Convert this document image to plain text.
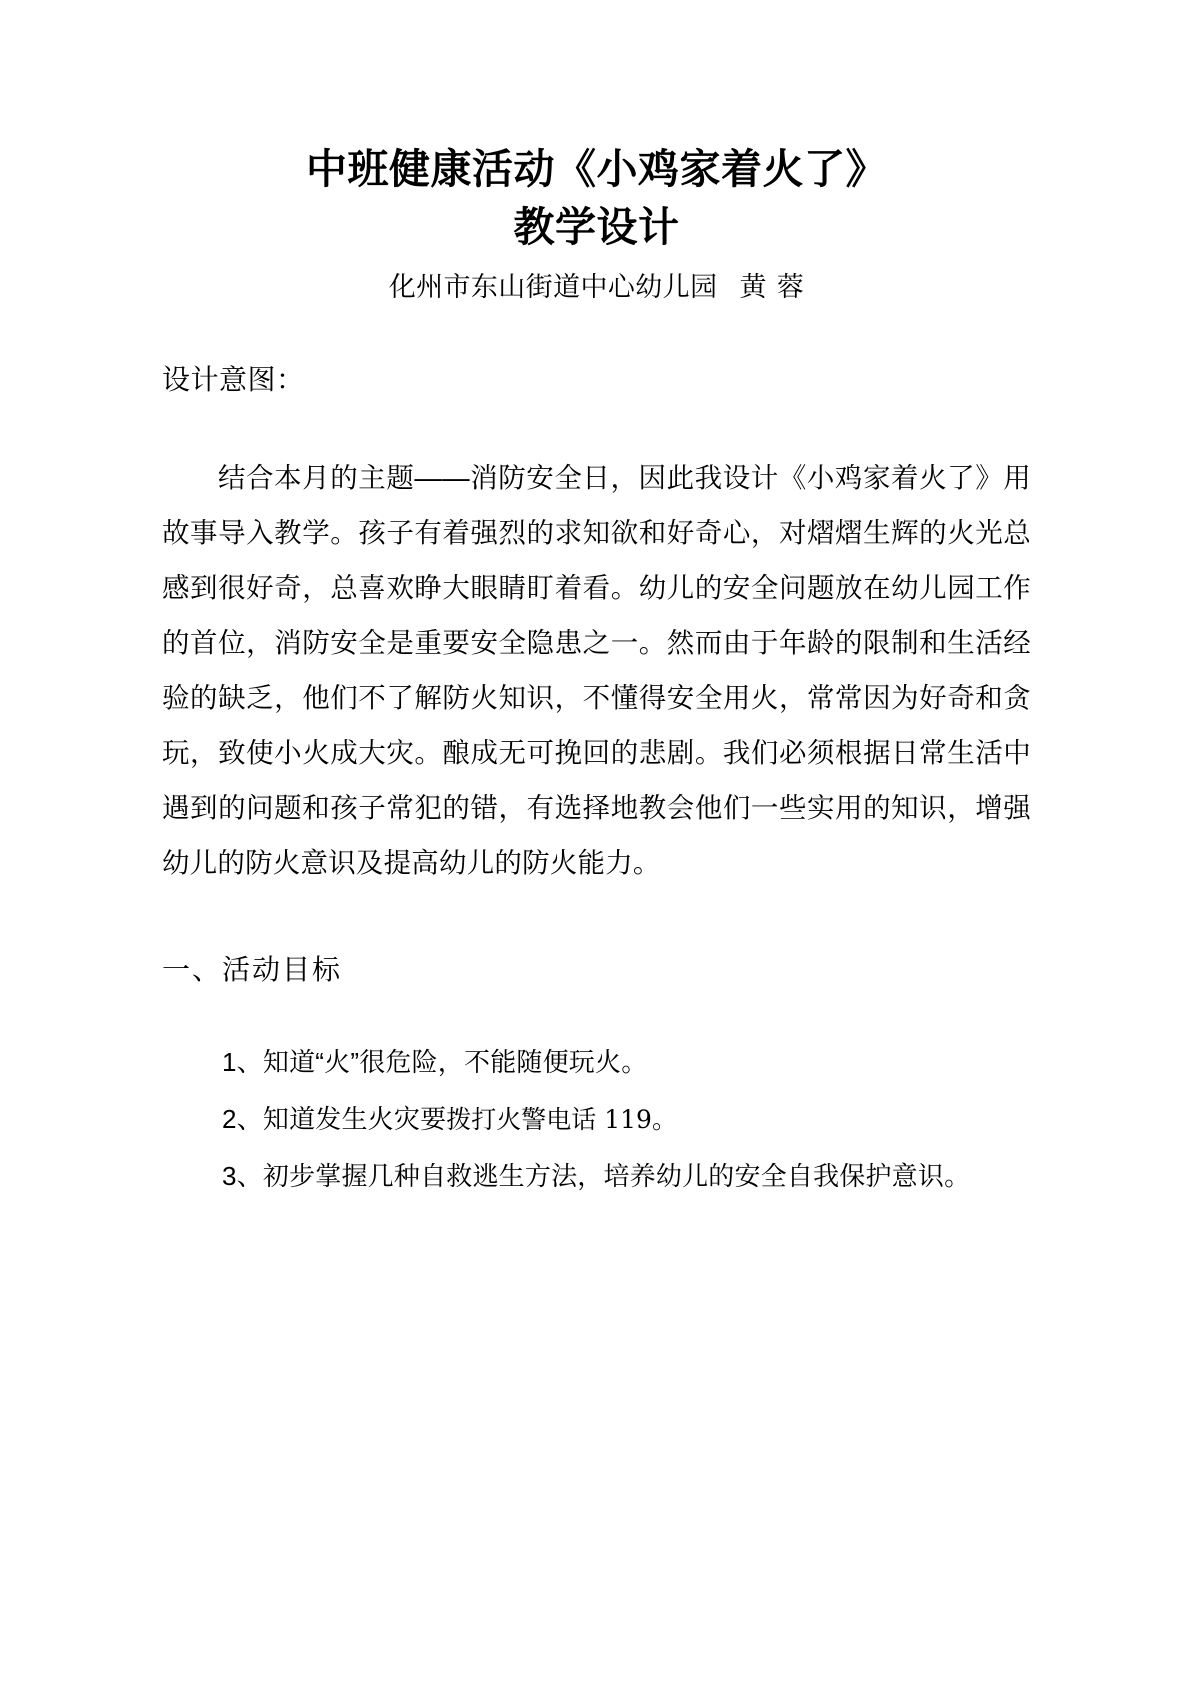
中班健康活动《小鸡家着火了》
教学设计

化州市东山街道中心幼儿园 黄 蓉

设计意图：

结合本月的主题——消防安全日，因此我设计《小鸡家着火了》用故事导入教学。孩子有着强烈的求知欲和好奇心，对熠熠生辉的火光总感到很好奇，总喜欢睁大眼睛盯着看。幼儿的安全问题放在幼儿园工作的首位，消防安全是重要安全隐患之一。然而由于年龄的限制和生活经验的缺乏，他们不了解防火知识，不懂得安全用火，常常因为好奇和贪玩，致使小火成大灾。酿成无可挽回的悲剧。我们必须根据日常生活中遇到的问题和孩子常犯的错，有选择地教会他们一些实用的知识，增强幼儿的防火意识及提高幼儿的防火能力。

一、活动目标
1、知道“火”很危险，不能随便玩火。
2、知道发生火灾要拨打火警电话 119。
3、初步掌握几种自救逃生方法，培养幼儿的安全自我保护意识。
